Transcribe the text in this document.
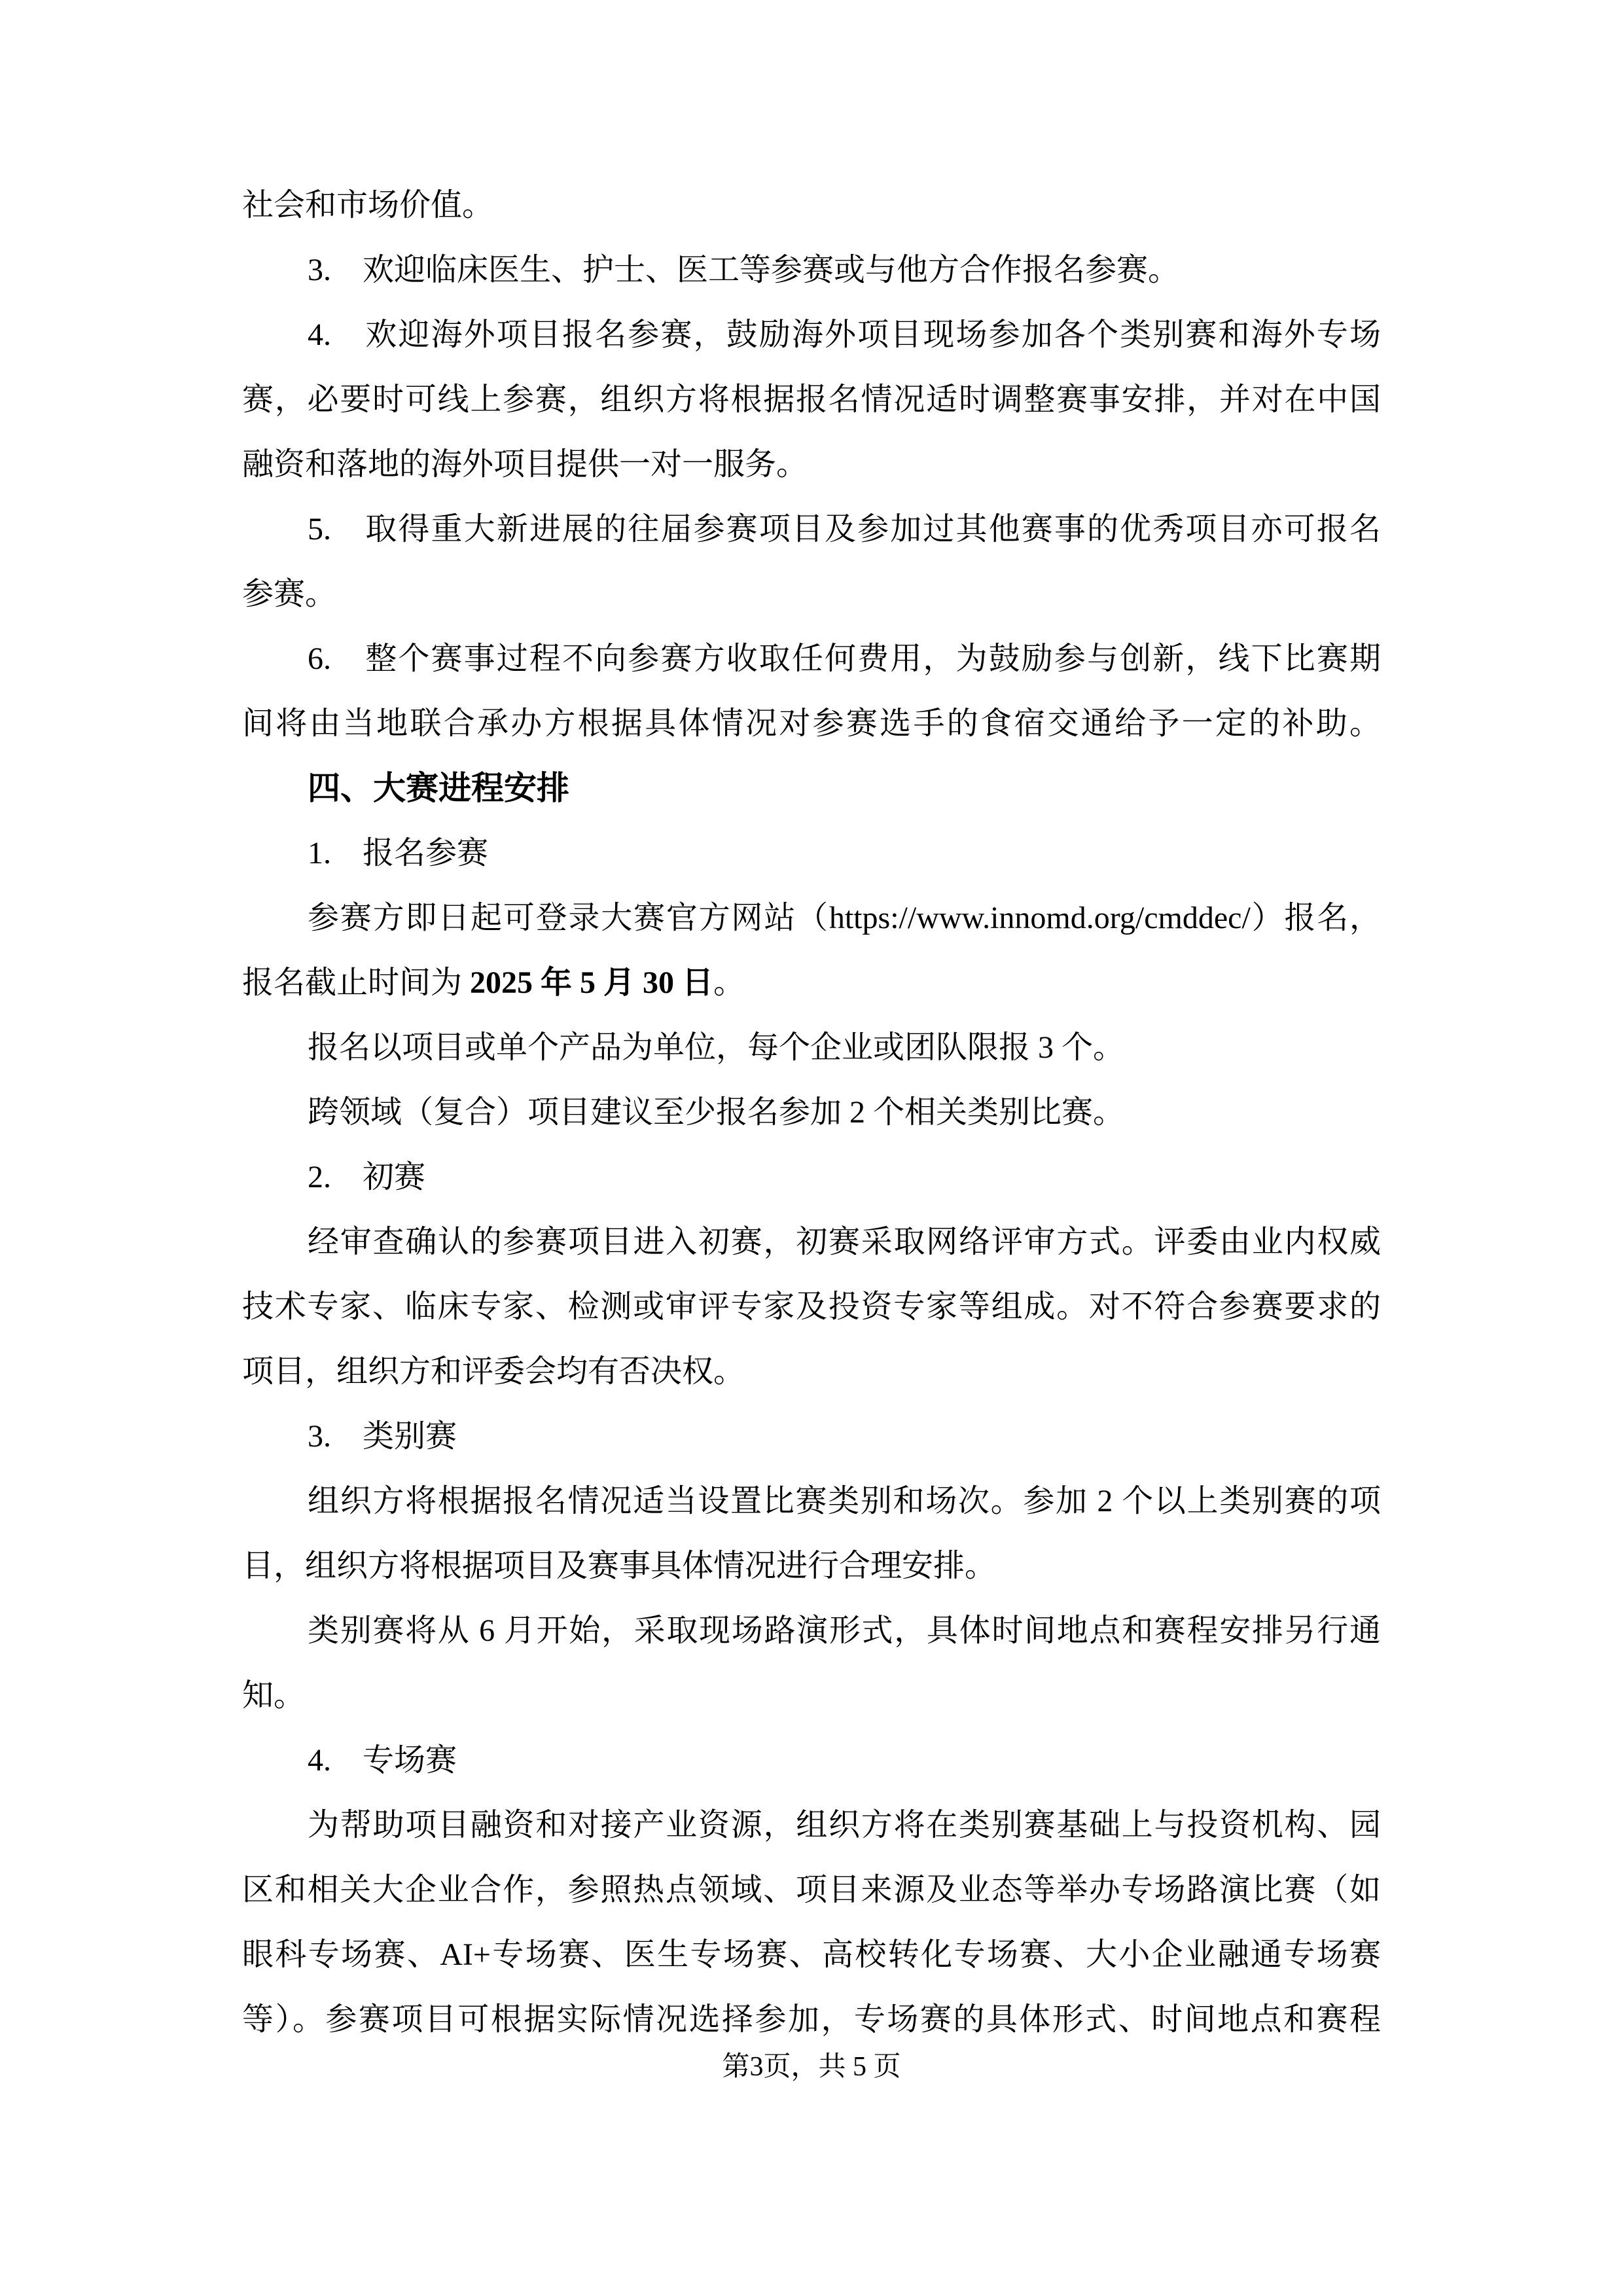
社会和市场价值。
3.　欢迎临床医生、护士、医工等参赛或与他方合作报名参赛。
4.　欢迎海外项目报名参赛，鼓励海外项目现场参加各个类别赛和海外专场
赛，必要时可线上参赛，组织方将根据报名情况适时调整赛事安排，并对在中国
融资和落地的海外项目提供一对一服务。
5.　取得重大新进展的往届参赛项目及参加过其他赛事的优秀项目亦可报名
参赛。
6.　整个赛事过程不向参赛方收取任何费用，为鼓励参与创新，线下比赛期
间将由当地联合承办方根据具体情况对参赛选手的食宿交通给予一定的补助。
四、大赛进程安排
1.　报名参赛
参赛方即日起可登录大赛官方网站（https://www.innomd.org/cmddec/）报名，
报名截止时间为 2025 年 5 月 30 日。
报名以项目或单个产品为单位，每个企业或团队限报 3 个。
跨领域（复合）项目建议至少报名参加 2 个相关类别比赛。
2.　初赛
经审查确认的参赛项目进入初赛，初赛采取网络评审方式。评委由业内权威
技术专家、临床专家、检测或审评专家及投资专家等组成。对不符合参赛要求的
项目，组织方和评委会均有否决权。
3.　类别赛
组织方将根据报名情况适当设置比赛类别和场次。参加 2 个以上类别赛的项
目，组织方将根据项目及赛事具体情况进行合理安排。
类别赛将从 6 月开始，采取现场路演形式，具体时间地点和赛程安排另行通
知。
4.　专场赛
为帮助项目融资和对接产业资源，组织方将在类别赛基础上与投资机构、园
区和相关大企业合作，参照热点领域、项目来源及业态等举办专场路演比赛（如
眼科专场赛、AI+专场赛、医生专场赛、高校转化专场赛、大小企业融通专场赛
等）。参赛项目可根据实际情况选择参加，专场赛的具体形式、时间地点和赛程
第3页，共 5 页
